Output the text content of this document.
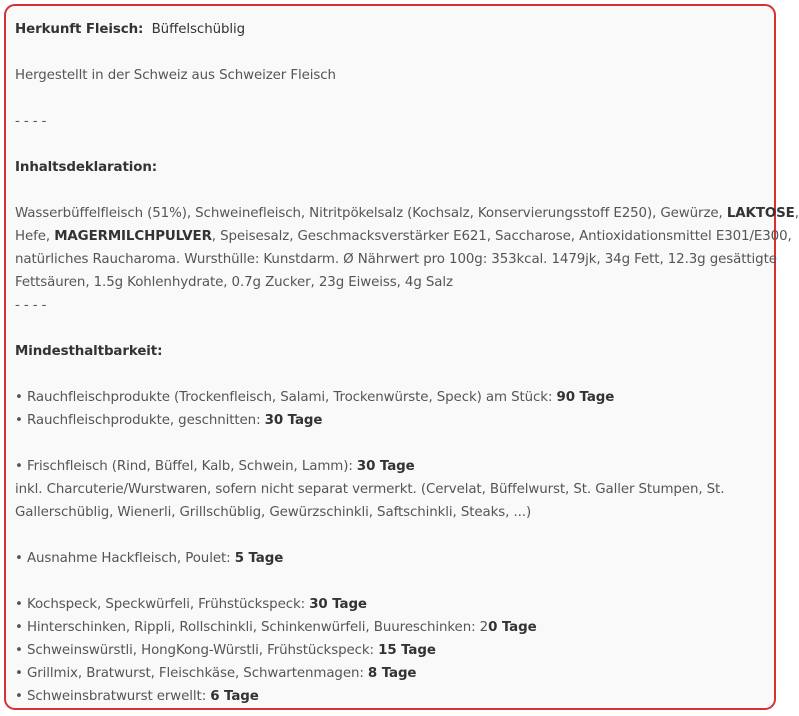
Herkunft Fleisch: Büffelschüblig

Hergestellt in der Schweiz aus Schweizer Fleisch

- - - -

Inhaltsdeklaration:

Wasserbüffelfleisch (51%), Schweinefleisch, Nitritpökelsalz (Kochsalz, Konservierungsstoff E250), Gewürze, LAKTOSE,

Hefe, MAGERMILCHPULVER, Speisesalz, Geschmacksverstärker E621, Saccharose, Antioxidationsmittel E301/E300,

natürliches Raucharoma. Wursthülle: Kunstdarm. Ø Nährwert pro 100g: 353kcal. 1479jk, 34g Fett, 12.3g gesättigte

Fettsäuren, 1.5g Kohlenhydrate, 0.7g Zucker, 23g Eiweiss, 4g Salz

- - - -

Mindesthaltbarkeit:

• Rauchfleischprodukte (Trockenfleisch, Salami, Trockenwürste, Speck) am Stück: 90 Tage

• Rauchfleischprodukte, geschnitten: 30 Tage

• Frischfleisch (Rind, Büffel, Kalb, Schwein, Lamm): 30 Tage

inkl. Charcuterie/Wurstwaren, sofern nicht separat vermerkt. (Cervelat, Büffelwurst, St. Galler Stumpen, St.

Gallerschüblig, Wienerli, Grillschüblig, Gewürzschinkli, Saftschinkli, Steaks, ...)

• Ausnahme Hackfleisch, Poulet: 5 Tage

• Kochspeck, Speckwürfeli, Frühstückspeck: 30 Tage

• Hinterschinken, Rippli, Rollschinkli, Schinkenwürfeli, Buureschinken: 20 Tage

• Schweinswürstli, HongKong-Würstli, Frühstückspeck: 15 Tage

• Grillmix, Bratwurst, Fleischkäse, Schwartenmagen: 8 Tage

• Schweinsbratwurst erwellt: 6 Tage
